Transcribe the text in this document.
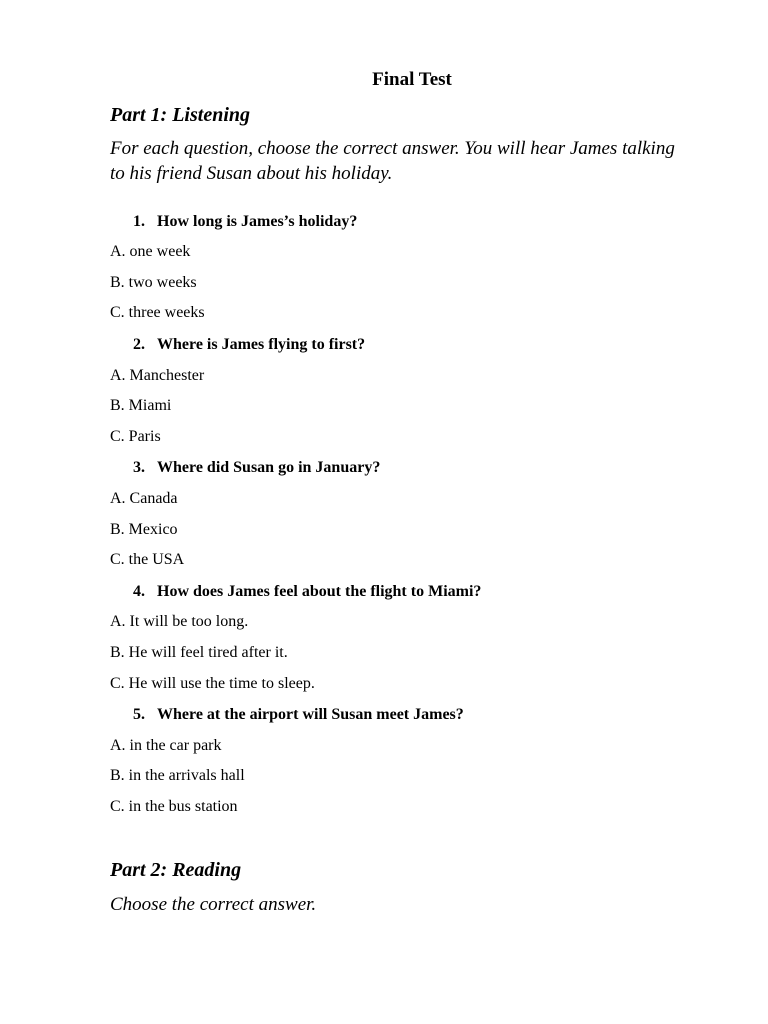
Final Test
Part 1: Listening
For each question, choose the correct answer. You will hear James talking to his friend Susan about his holiday.
1. How long is James’s holiday?
A. one week
B. two weeks
C. three weeks
2. Where is James flying to first?
A. Manchester
B. Miami
C. Paris
3. Where did Susan go in January?
A. Canada
B. Mexico
C. the USA
4. How does James feel about the flight to Miami?
A. It will be too long.
B. He will feel tired after it.
C. He will use the time to sleep.
5. Where at the airport will Susan meet James?
A. in the car park
B. in the arrivals hall
C. in the bus station
Part 2: Reading
Choose the correct answer.
